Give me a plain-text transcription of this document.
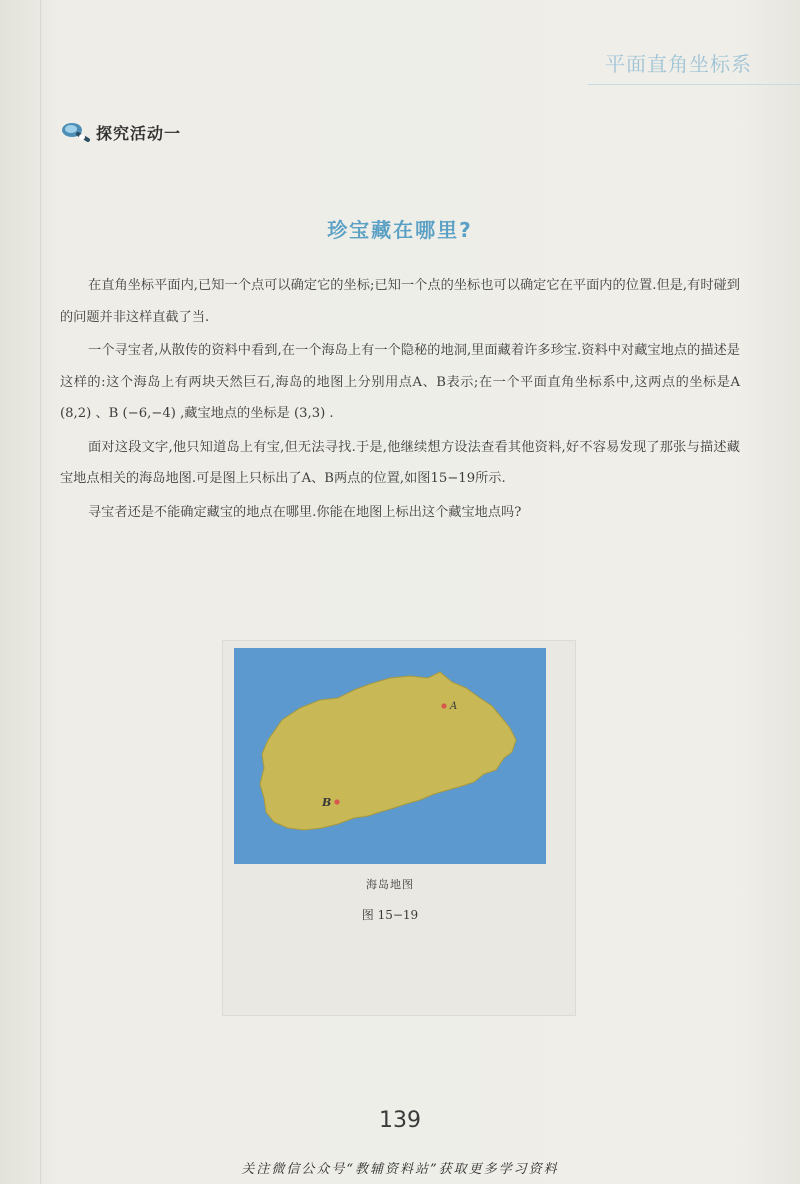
平面直角坐标系
探究活动一
珍宝藏在哪里?

在直角坐标平面内,已知一个点可以确定它的坐标;已知一个点的坐标也可以确定它在平面内的位置.但是,有时碰到的问题并非这样直截了当.

一个寻宝者,从散传的资料中看到,在一个海岛上有一个隐秘的地洞,里面藏着许多珍宝.资料中对藏宝地点的描述是这样的:这个海岛上有两块天然巨石,海岛的地图上分别用点A、B表示;在一个平面直角坐标系中,这两点的坐标是A (8,2) 、B (−6,−4) ,藏宝地点的坐标是 (3,3) .

面对这段文字,他只知道岛上有宝,但无法寻找.于是,他继续想方设法查看其他资料,好不容易发现了那张与描述藏宝地点相关的海岛地图.可是图上只标出了A、B两点的位置,如图15−19所示.

寻宝者还是不能确定藏宝的地点在哪里.你能在地图上标出这个藏宝地点吗?

A
B
海岛地图
图 15−19
139
关注微信公众号“教辅资料站”获取更多学习资料
